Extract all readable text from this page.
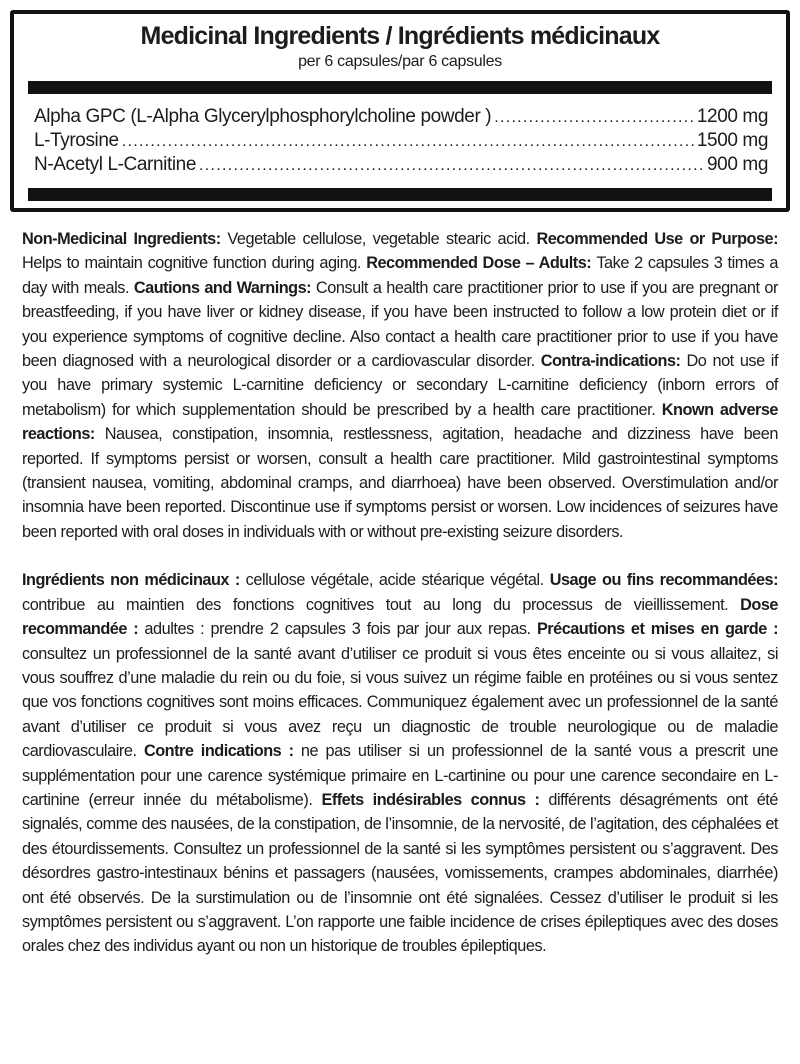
Medicinal Ingredients / Ingrédients médicinaux
per 6 capsules/par 6 capsules
Alpha GPC (L-Alpha Glycerylphosphorylcholine powder ) .....	1200 mg
L-Tyrosine .....	1500 mg
N-Acetyl L-Carnitine .....	900 mg

Non-Medicinal Ingredients: Vegetable cellulose, vegetable stearic acid. Recommended Use or Purpose: Helps to maintain cognitive function during aging. Recommended Dose – Adults: Take 2 capsules 3 times a day with meals. Cautions and Warnings: Consult a health care practitioner prior to use if you are pregnant or breastfeeding, if you have liver or kidney disease, if you have been instructed to follow a low protein diet or if you experience symptoms of cognitive decline. Also contact a health care practitioner prior to use if you have been diagnosed with a neurological disorder or a cardiovascular disorder. Contra-indications: Do not use if you have primary systemic L-carnitine deficiency or secondary L-carnitine deficiency (inborn errors of metabolism) for which supplementation should be prescribed by a health care practitioner. Known adverse reactions: Nausea, constipation, insomnia, restlessness, agitation, headache and dizziness have been reported. If symptoms persist or worsen, consult a health care practitioner. Mild gastrointestinal symptoms (transient nausea, vomiting, abdominal cramps, and diarrhoea) have been observed. Overstimulation and/or insomnia have been reported. Discontinue use if symptoms persist or worsen. Low incidences of seizures have been reported with oral doses in individuals with or without pre-existing seizure disorders.

Ingrédients non médicinaux : cellulose végétale, acide stéarique végétal. Usage ou fins recommandées: contribue au maintien des fonctions cognitives tout au long du processus de vieillissement. Dose recommandée : adultes : prendre 2 capsules 3 fois par jour aux repas. Précautions et mises en garde : consultez un professionnel de la santé avant d’utiliser ce produit si vous êtes enceinte ou si vous allaitez, si vous souffrez d’une maladie du rein ou du foie, si vous suivez un régime faible en protéines ou si vous sentez que vos fonctions cognitives sont moins efficaces. Communiquez également avec un professionnel de la santé avant d’utiliser ce produit si vous avez reçu un diagnostic de trouble neurologique ou de maladie cardiovasculaire. Contre indications : ne pas utiliser si un professionnel de la santé vous a prescrit une supplémentation pour une carence systémique primaire en L-cartinine ou pour une carence secondaire en L-cartinine (erreur innée du métabolisme). Effets indésirables connus : différents désagréments ont été signalés, comme des nausées, de la constipation, de l’insomnie, de la nervosité, de l’agitation, des céphalées et des étourdissements. Consultez un professionnel de la santé si les symptômes persistent ou s’aggravent. Des désordres gastro-intestinaux bénins et passagers (nausées, vomissements, crampes abdominales, diarrhée) ont été observés. De la surstimulation ou de l’insomnie ont été signalées. Cessez d’utiliser le produit si les symptômes persistent ou s’aggravent. L’on rapporte une faible incidence de crises épileptiques avec des doses orales chez des individus ayant ou non un historique de troubles épileptiques.
